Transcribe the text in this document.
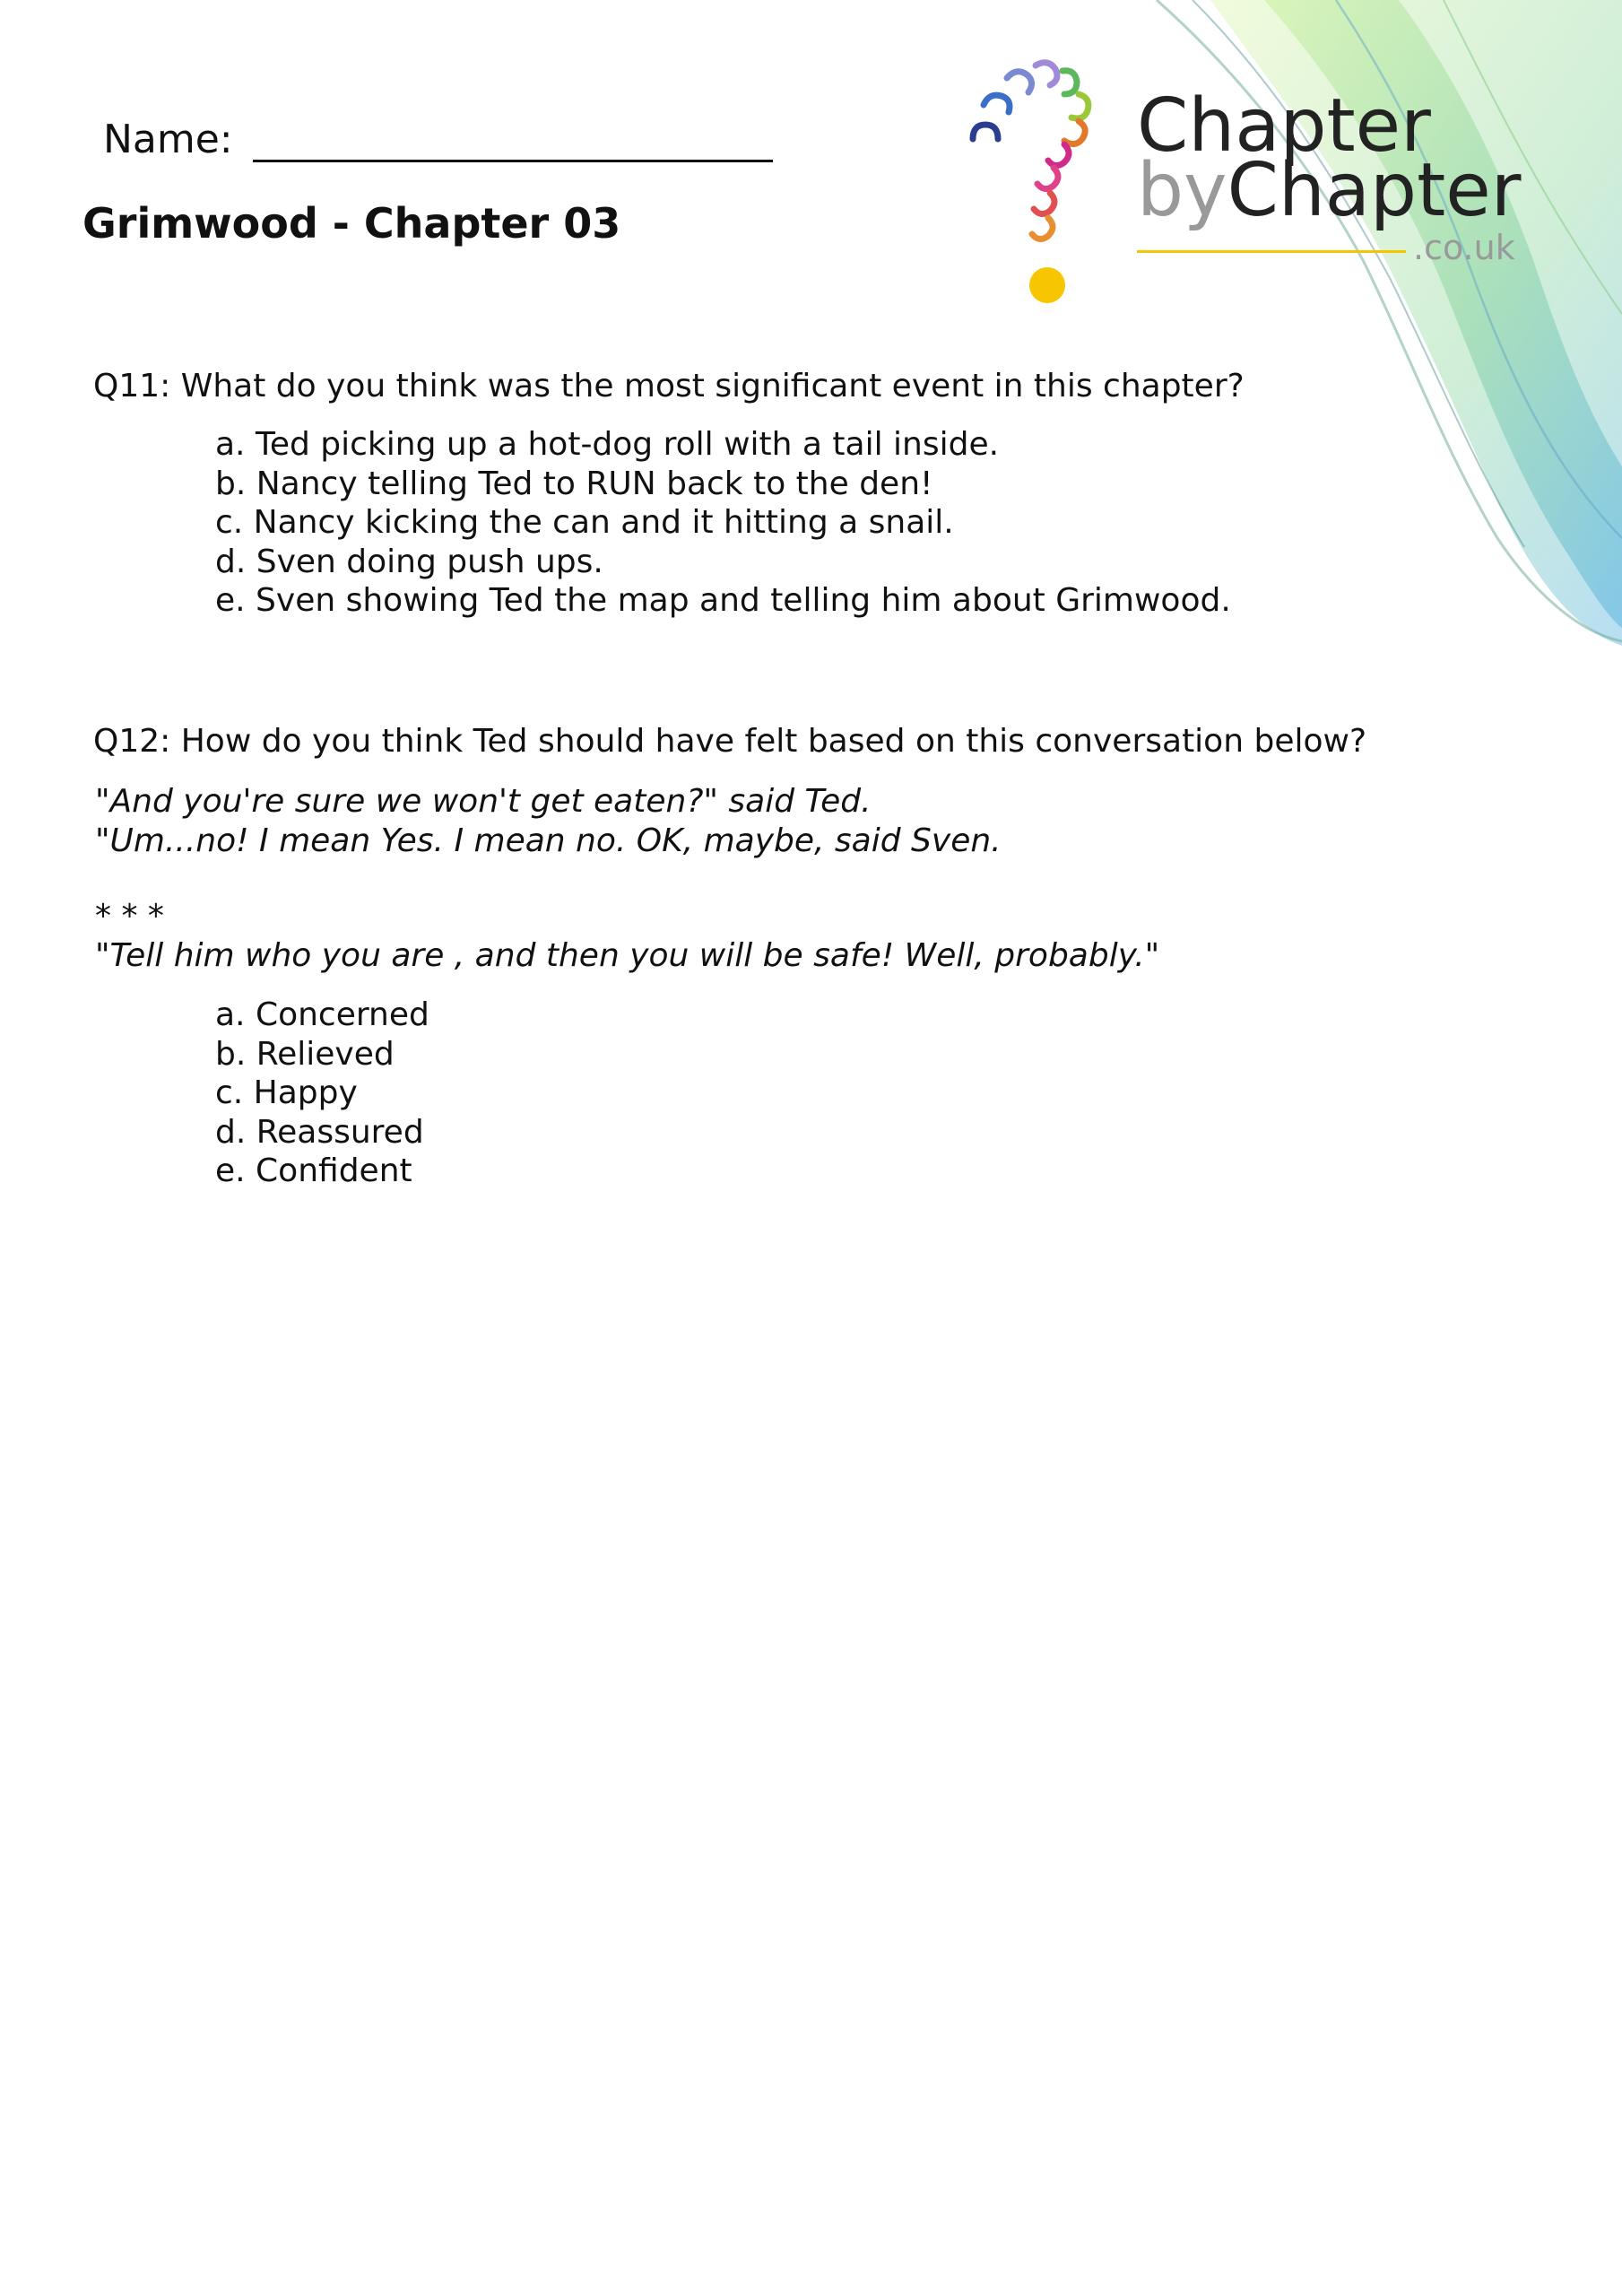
Chapter
byChapter
.co.uk
Name:
Grimwood - Chapter 03
Q11: What do you think was the most significant event in this chapter?
a. Ted picking up a hot-dog roll with a tail inside.
b. Nancy telling Ted to RUN back to the den!
c. Nancy kicking the can and it hitting a snail.
d. Sven doing push ups.
e. Sven showing Ted the map and telling him about Grimwood.
Q12: How do you think Ted should have felt based on this conversation below?
"And you're sure we won't get eaten?" said Ted.
"Um...no! I mean Yes. I mean no. OK, maybe, said Sven.
* * *
"Tell him who you are , and then you will be safe! Well, probably."
a. Concerned
b. Relieved
c. Happy
d. Reassured
e. Confident
